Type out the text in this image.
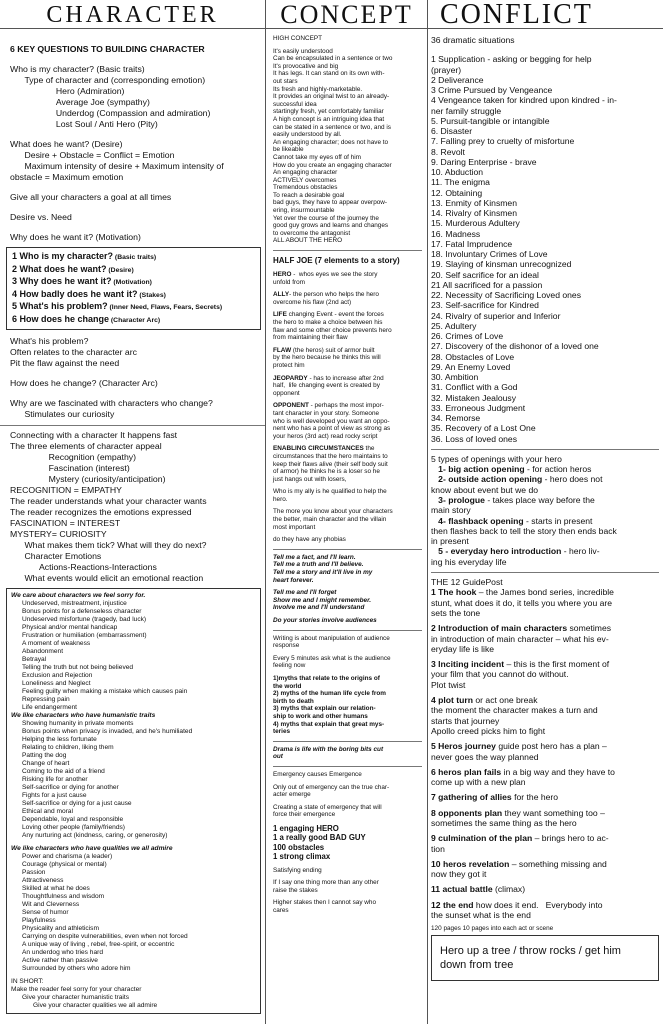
CHARACTER

6 KEY QUESTIONS TO BUILDING CHARACTER

Who is my character? (Basic traits)
Type of character and (corresponding emotion)
Hero (Admiration)
Average Joe (sympathy)
Underdog (Compassion and admiration)
Lost Soul / Anti Hero (Pity)

What does he want? (Desire)
Desire + Obstacle = Conflict = Emotion
Maximum intensity of desire + Maximum intensity of
obstacle = Maximum emotion

Give all your characters a goal at all times

Desire vs. Need

Why does he want it? (Motivation)

1 Who is my character? (Basic traits)
2 What does he want? (Desire)
3 Why does he want it? (Motivation)
4 How badly does he want it? (Stakes)
5 What's his problem? (Inner Need, Flaws, Fears, Secrets)
6 How does he change (Character Arc)

What's his problem?
Often relates to the character arc
Pit the flaw against the need

How does he change? (Character Arc)

Why are we fascinated with characters who change?
Stimulates our curiosity

Connecting with a character It happens fast
The three elements of character appeal
Recognition (empathy)
Fascination (interest)
Mystery (curiosity/anticipation)
RECOGNITION = EMPATHY
The reader understands what your character wants
The reader recognizes the emotions expressed
FASCINATION = INTEREST
MYSTERY= CURIOSITY
What makes them tick? What will they do next?
Character Emotions
Actions-Reactions-Interactions
What events would elicit an emotional reaction

We care about characters we feel sorry for.

Undeserved, mistreatment, injustice
Bonus points for a defenseless character
Undeserved misfortune (tragedy, bad luck)
Physical and/or mental handicap
Frustration or humiliation (embarrassment)
A moment of weakness
Abandonment
Betrayal
Telling the truth but not being believed
Exclusion and Rejection
Loneliness and Neglect
Feeling guilty when making a mistake which causes pain
Repressing pain
Life endangerment

We like characters who have humanistic traits

Showing humanity in private moments
Bonus points when privacy is invaded, and he's humiliated
Helping the less fortunate
Relating to children, liking them
Patting the dog
Change of heart
Coming to the aid of a friend
Risking life for another
Self-sacrifice or dying for another
Fights for a just cause
Self-sacrifice or dying for a just cause
Ethical and moral
Dependable, loyal and responsible
Loving other people (family/friends)
Any nurturing act (kindness, caring, or generosity)

We like characters who have qualities we all admire

Power and charisma (a leader)
Courage (physical or mental)
Passion
Attractiveness
Skilled at what he does
Thoughtfulness and wisdom
Wit and Cleverness
Sense of humor
Playfulness
Physicality and athleticism
Carrying on despite vulnerabilities, even when not forced
A unique way of living , rebel, free-spirit, or eccentric
An underdog who tries hard
Active rather than passive
Surrounded by others who adore him

IN SHORT:
Make the reader feel sorry for your character
Give your character humanistic traits
Give your character qualities we all admire

CONCEPT

HIGH CONCEPT

It's easily understood
Can be encapsulated in a sentence or two
It's provocative and big
It has legs. It can stand on its own with-
out stars
Its fresh and highly-marketable.
It provides an original twist to an already-
successful idea
startingly fresh, yet comfortably familiar
A high concept is an intriguing idea that
can be stated in a sentence or two, and is
easily understood by all.
An engaging character; does not have to
be likeable
Cannot take my eyes off of him
How do you create an engaging character
An engaging character
ACTIVELY overcomes
Tremendous obstacles
To reach a desirable goal
bad guys, they have to appear overpow-
ering, insurmountable
Yet over the course of the journey the
good guy grows and learns and changes
to overcome the antagonist
ALL ABOUT THE HERO

HALF JOE (7 elements to a story)

HERO -  whos eyes we see the story
unfold from

ALLY- the person who helps the hero
overcome his flaw (2nd act)

LIFE changing Event - event the forces
the hero to make a choice between his
flaw and some other choice prevents hero
from maintaining their flaw

FLAW (the heros) suit of armor built
by the hero because he thinks this will
protect him

JEOPARDY - has to increase after 2nd
half,  life changing event is created by
opponent

OPPONENT - perhaps the most impor-
tant character in your story. Someone
who is well developed you want an oppo-
nent who has a point of view as strong as
your heros (3rd act) read rocky script

ENABLING CIRCUMSTANCES the
circumstances that the hero maintains to
keep their flaws alive (their self body suit
of armor) he thinks he is a loser so he
just hangs out with losers,

Who is my ally is he qualified to help the
hero.

The more you know about your characters
the better, main character and the villain
most important

do they have any phobias

Tell me a fact, and I'll learn.
Tell me a truth and I'll believe.
Tell me a story and it'll live in my
heart forever.

Tell me and I'll forget
Show me and I might remember.
Involve me and I'll understand

Do your stories involve audiences

Writing is about manipulation of audience
response

Every 5 minutes ask what is the audience
feeling now

1)myths that relate to the origins of
the world
2) myths of the human life cycle from
birth to death
3) myths that explain our relation-
ship to work and other humans
4) myths that explain that great mys-
teries

Drama is life with the boring bits cut
out

Emergency causes Emergence

Only out of emergency can the true char-
acter emerge

Creating a state of emergency that will
force their emergence

1 engaging HERO
1 a really good BAD GUY
100 obstacles
1 strong climax

Satisfying ending

If I say one thing more than any other
raise the stakes

Higher stakes then I cannot say who
cares

CONFLICT

36 dramatic situations

1 Supplication - asking or begging for help
(prayer)
2 Deliverance
3 Crime Pursued by Vengeance
4 Vengeance taken for kindred upon kindred - in-
ner family struggle
5. Pursuit-tangible or intangible
6. Disaster
7. Falling prey to cruelty of misfortune
8. Revolt
9. Daring Enterprise - brave
10. Abduction
11. The enigma
12. Obtaining
13. Enmity of Kinsmen
14. Rivalry of Kinsmen
15. Murderous Adultery
16. Madness
17. Fatal Imprudence
18. Involuntary Crimes of Love
19. Slaying of kinsman unrecognized
20. Self sacrifice for an ideal
21 All sacrificed for a passion
22. Necessity of Sacrificing Loved ones
23. Self-sacrifice for Kindred
24. Rivalry of superior and Inferior
25. Adultery
26. Crimes of Love
27. Discovery of the dishonor of a loved one
28. Obstacles of Love
29. An Enemy Loved
30. Ambition
31. Conflict with a God
32. Mistaken Jealousy
33. Erroneous Judgment
34. Remorse
35. Recovery of a Lost One
36. Loss of loved ones

5 types of openings with your hero

1- big action opening - for action heros

2- outside action opening - hero does not
know about event but we do

3- prologue - takes place way before the
main story

4- flashback opening - starts in present
then flashes back to tell the story then ends back
in present

5 - everyday hero introduction - hero liv-
ing his everyday life

THE 12 GuidePost

1 The hook – the James bond series, incredible
stunt, what does it do, it tells you where you are
sets the tone

2 Introduction of main characters sometimes
in introduction of main character – what his ev-
eryday life is like

3 Inciting incident – this is the first moment of
your film that you cannot do without.
Plot twist

4 plot turn or act one break
the moment the character makes a turn and
starts that journey
Apollo creed picks him to fight

5 Heros journey guide post hero has a plan –
never goes the way planned

6 heros plan fails in a big way and they have to
come up with a new plan

7 gathering of allies for the hero

8 opponents plan they want something too –
sometimes the same thing as the hero

9 culmination of the plan – brings hero to ac-
tion

10 heros revelation – something missing and
now they got it

11 actual battle (climax)

12 the end how does it end.   Everybody into
the sunset what is the end

120 pages 10 pages into each act or scene

Hero up a tree / throw rocks / get him
down from tree
